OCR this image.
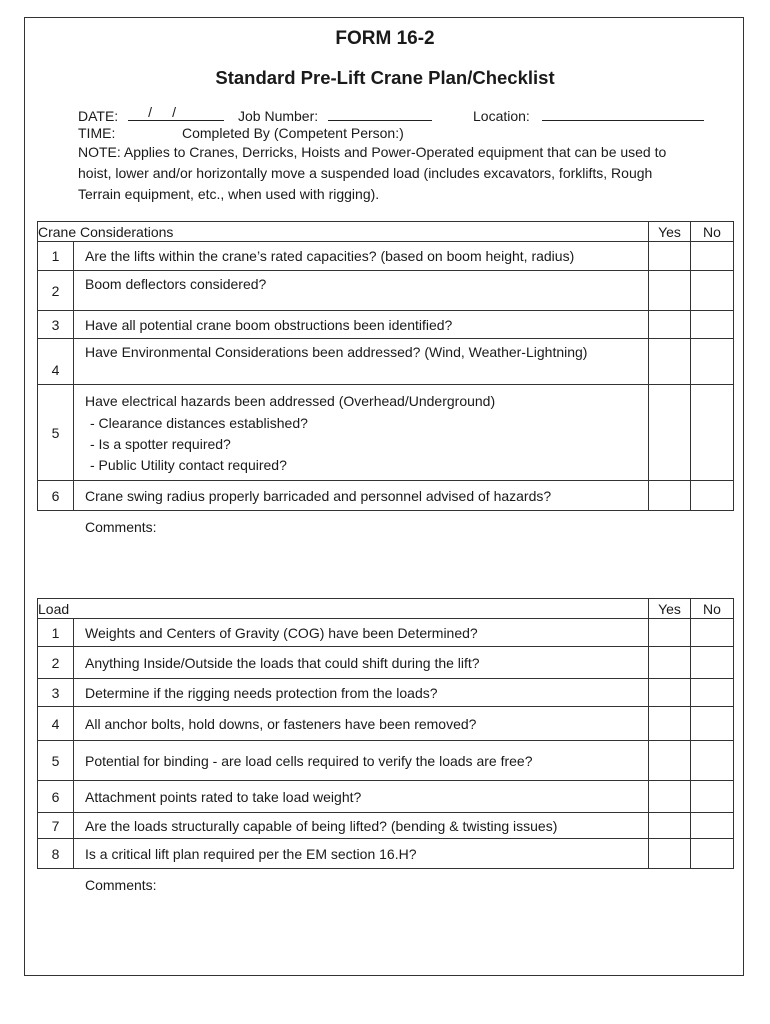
FORM 16-2
Standard Pre-Lift Crane Plan/Checklist
DATE: / /	Job Number:	Location:
TIME:	Completed By (Competent Person:)
NOTE: Applies to Cranes, Derricks, Hoists and Power-Operated equipment that can be used to hoist, lower and/or horizontally move a suspended load (includes excavators, forklifts, Rough Terrain equipment, etc., when used with rigging).
Crane Considerations		Yes	No
1	Are the lifts within the crane’s rated capacities? (based on boom height, radius)		
2	Boom deflectors considered?		
3	Have all potential crane boom obstructions been identified?		
4	Have Environmental Considerations been addressed? (Wind, Weather-Lightning)		
5	Have electrical hazards been addressed (Overhead/Underground)
- Clearance distances established?
- Is a spotter required?
- Public Utility contact required?		

6	Crane swing radius properly barricaded and personnel advised of hazards?		
Comments:
Load		Yes	No
1	Weights and Centers of Gravity (COG) have been Determined?		
2	Anything Inside/Outside the loads that could shift during the lift?		
3	Determine if the rigging needs protection from the loads?		
4	All anchor bolts, hold downs, or fasteners have been removed?		
5	Potential for binding - are load cells required to verify the loads are free?		
6	Attachment points rated to take load weight?		
7	Are the loads structurally capable of being lifted? (bending & twisting issues)		
8	Is a critical lift plan required per the EM section 16.H?		
Comments:
